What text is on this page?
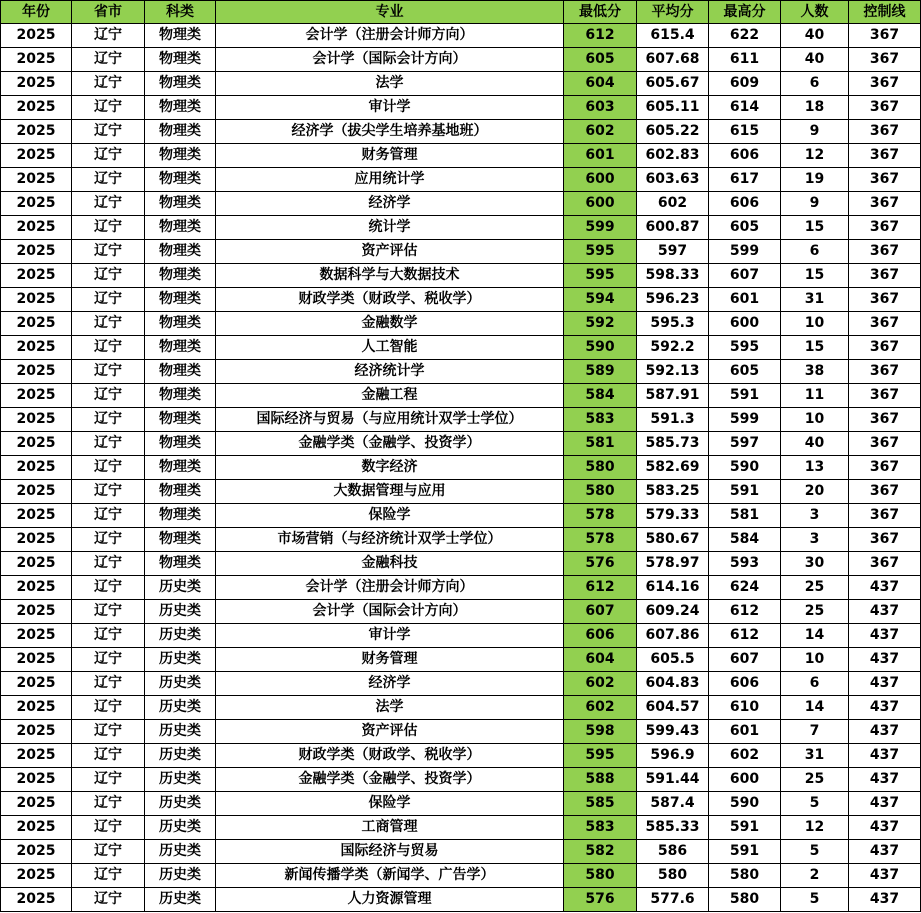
年份	省市	科类	专业	最低分	平均分	最高分	人数	控制线
2025	辽宁	物理类	会计学（注册会计师方向）	612	615.4	622	40	367
2025	辽宁	物理类	会计学（国际会计方向）	605	607.68	611	40	367
2025	辽宁	物理类	法学	604	605.67	609	6	367
2025	辽宁	物理类	审计学	603	605.11	614	18	367
2025	辽宁	物理类	经济学（拔尖学生培养基地班）	602	605.22	615	9	367
2025	辽宁	物理类	财务管理	601	602.83	606	12	367
2025	辽宁	物理类	应用统计学	600	603.63	617	19	367
2025	辽宁	物理类	经济学	600	602	606	9	367
2025	辽宁	物理类	统计学	599	600.87	605	15	367
2025	辽宁	物理类	资产评估	595	597	599	6	367
2025	辽宁	物理类	数据科学与大数据技术	595	598.33	607	15	367
2025	辽宁	物理类	财政学类（财政学、税收学）	594	596.23	601	31	367
2025	辽宁	物理类	金融数学	592	595.3	600	10	367
2025	辽宁	物理类	人工智能	590	592.2	595	15	367
2025	辽宁	物理类	经济统计学	589	592.13	605	38	367
2025	辽宁	物理类	金融工程	584	587.91	591	11	367
2025	辽宁	物理类	国际经济与贸易（与应用统计双学士学位）	583	591.3	599	10	367
2025	辽宁	物理类	金融学类（金融学、投资学）	581	585.73	597	40	367
2025	辽宁	物理类	数字经济	580	582.69	590	13	367
2025	辽宁	物理类	大数据管理与应用	580	583.25	591	20	367
2025	辽宁	物理类	保险学	578	579.33	581	3	367
2025	辽宁	物理类	市场营销（与经济统计双学士学位）	578	580.67	584	3	367
2025	辽宁	物理类	金融科技	576	578.97	593	30	367
2025	辽宁	历史类	会计学（注册会计师方向）	612	614.16	624	25	437
2025	辽宁	历史类	会计学（国际会计方向）	607	609.24	612	25	437
2025	辽宁	历史类	审计学	606	607.86	612	14	437
2025	辽宁	历史类	财务管理	604	605.5	607	10	437
2025	辽宁	历史类	经济学	602	604.83	606	6	437
2025	辽宁	历史类	法学	602	604.57	610	14	437
2025	辽宁	历史类	资产评估	598	599.43	601	7	437
2025	辽宁	历史类	财政学类（财政学、税收学）	595	596.9	602	31	437
2025	辽宁	历史类	金融学类（金融学、投资学）	588	591.44	600	25	437
2025	辽宁	历史类	保险学	585	587.4	590	5	437
2025	辽宁	历史类	工商管理	583	585.33	591	12	437
2025	辽宁	历史类	国际经济与贸易	582	586	591	5	437
2025	辽宁	历史类	新闻传播学类（新闻学、广告学）	580	580	580	2	437
2025	辽宁	历史类	人力资源管理	576	577.6	580	5	437
